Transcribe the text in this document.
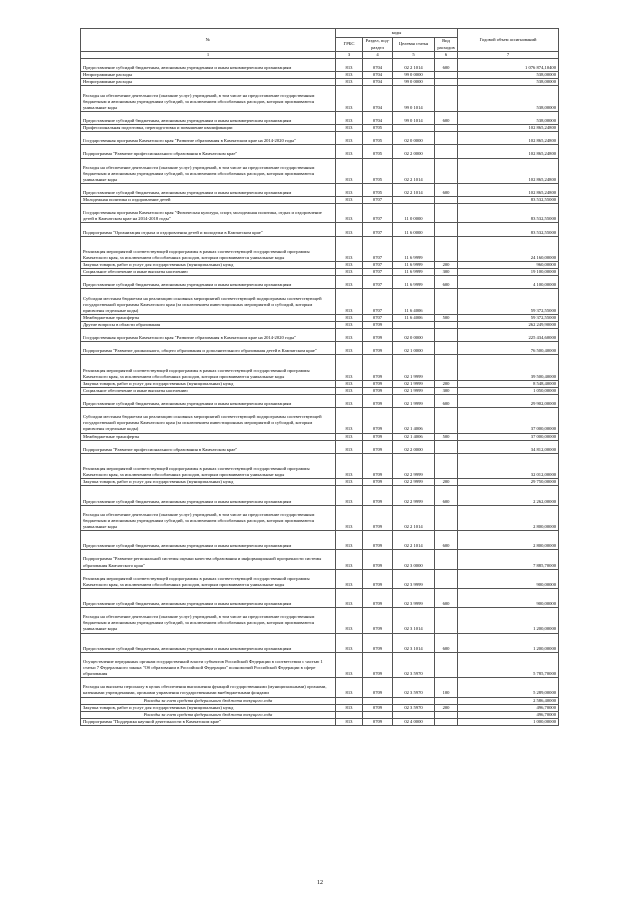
№	коды				Годовой объем ассигнований
	ГРБС	Раздел, под-раздел	Целевая статья	Вид расходов	
1	3	4	5	6	7
Предоставление субсидий бюджетным, автономным учреждениям и иным некоммерческим организациям	813	0704	02 2 1014	600	1 076 874,10400
Непрограммные расходы	813	0704	99 0 0000		538,00000
Непрограммные расходы	813	0704	99 0 0000		538,00000
Расходы на обеспечение деятельности (оказание услуг) учреждений, в том числе на предоставление государственным бюджетным и автономным учреждениям субсидий, за исключением обособленных расходов, которым присваиваются уникальные коды	813	0704	99 0 1014		538,00000
Предоставление субсидий бюджетным, автономным учреждениям и иным некоммерческим организациям	813	0704	99 0 1014	600	538,00000
Профессиональная подготовка, переподготовка и повышение квалификации	813	0705			102 865,24800
Государственная программа Камчатского края "Развитие образования в Камчатском крае на 2014-2020 годы"	813	0705	02 0 0000		102 865,24800
Подпрограмма "Развитие профессионального образования в Камчатском крае"	813	0705	02 2 0000		102 865,24800
Расходы на обеспечение деятельности (оказание услуг) учреждений, в том числе на предоставление государственным бюджетным и автономным учреждениям субсидий, за исключением обособленных расходов, которым присваиваются уникальные коды	813	0705	02 2 1014		102 865,24800
Предоставление субсидий бюджетным, автономным учреждениям и иным некоммерческим организациям	813	0705	02 2 1014	600	102 865,24800
Молодежная политика и оздоровление детей	813	0707			83 532,55000
Государственная программа Камчатского края "Физическая культура, спорт, молодежная политика, отдых и оздоровление детей в Камчатском крае на 2014-2018 годы"	813	0707	11 0 0000		83 532,55000
Подпрограмма "Организация отдыха и оздоровления детей и молодежи в Камчатском крае"	813	0707	11 6 0000		83 532,55000
Реализация мероприятий соответствующей подпрограммы в рамках соответствующей государственной программы Камчатского края, за исключением обособленных расходов, которым присваиваются уникальные коды	813	0707	11 6 9999		24 160,00000
Закупка товаров, работ и услуг для государственных (муниципальных) нужд	813	0707	11 6 9999	200	960,00000
Социальное обеспечение и иные выплаты населению	813	0707	11 6 9999	300	19 100,00000
Предоставление субсидий бюджетным, автономным учреждениям и иным некоммерческим организациям	813	0707	11 6 9999	600	4 100,00000
Субсидии местным бюджетам на реализацию основных мероприятий соответствующей подпрограммы соответствующей государственной программы Камчатского края (за исключением инвестиционных мероприятий и субсидий, которым присвоены отдельные коды)	813	0707	11 6 4006		59 372,55000
Межбюджетные трансферты	813	0707	11 6 4006	500	59 372,55000
Другие вопросы в области образования	813	0709			262 249,90000
Государственная программа Камчатского края "Развитие образования в Камчатском крае на 2014-2020 годы"	813	0709	02 0 0000		225 434,60000
Подпрограмма "Развитие дошкольного, общего образования и дополнительного образования детей в Камчатском крае"	813	0709	02 1 0000		76 500,40000
Реализация мероприятий соответствующей подпрограммы в рамках соответствующей государственной программы Камчатского края, за исключением обособленных расходов, которым присваиваются уникальные коды	813	0709	02 1 9999		39 500,40000
Закупка товаров, работ и услуг для государственных (муниципальных) нужд	813	0709	02 1 9999	200	8 548,40000
Социальное обеспечение и иные выплаты населению	813	0709	02 1 9999	300	1 050,00000
Предоставление субсидий бюджетным, автономным учреждениям и иным некоммерческим организациям	813	0709	02 1 9999	600	29 902,00000
Субсидии местным бюджетам на реализацию основных мероприятий соответствующей подпрограммы соответствующей государственной программы Камчатского края (за исключением инвестиционных мероприятий и субсидий, которым присвоены отдельные коды)	813	0709	02 1 4006		37 000,00000
Межбюджетные трансферты	813	0709	02 1 4006	500	37 000,00000
Подпрограмма "Развитие профессионального образования в Камчатском крае"	813	0709	02 2 0000		34 812,00000
Реализация мероприятий соответствующей подпрограммы в рамках соответствующей государственной программы Камчатского края, за исключением обособленных расходов, которым присваиваются уникальные коды	813	0709	02 2 9999		32 012,00000
Закупка товаров, работ и услуг для государственных (муниципальных) нужд	813	0709	02 2 9999	200	29 750,00000
Предоставление субсидий бюджетным, автономным учреждениям и иным некоммерческим организациям	813	0709	02 2 9999	600	2 262,00000
Расходы на обеспечение деятельности (оказание услуг) учреждений, в том числе на предоставление государственным бюджетным и автономным учреждениям субсидий, за исключением обособленных расходов, которым присваиваются уникальные коды	813	0709	02 2 1014		2 800,00000
Предоставление субсидий бюджетным, автономным учреждениям и иным некоммерческим организациям	813	0709	02 2 1014	600	2 800,00000
Подпрограмма "Развитие региональной системы оценки качества образования и информационной прозрачности системы образования Камчатского края"	813	0709	02 3 0000		7 885,70000
Реализация мероприятий соответствующей подпрограммы в рамках соответствующей государственной программы Камчатского края, за исключением обособленных расходов, которым присваиваются уникальные коды	813	0709	02 3 9999		900,00000
Предоставление субсидий бюджетным, автономным учреждениям и иным некоммерческим организациям	813	0709	02 3 9999	600	900,00000
Расходы на обеспечение деятельности (оказание услуг) учреждений, в том числе на предоставление государственным бюджетным и автономным учреждениям субсидий, за исключением обособленных расходов, которым присваиваются уникальные коды	813	0709	02 3 1014		1 200,00000
Предоставление субсидий бюджетным, автономным учреждениям и иным некоммерческим организациям	813	0709	02 3 1014	600	1 200,00000
Осуществление переданных органам государственной власти субъектов Российской Федерации в соответствии с частью 1 статьи 7 Федерального закона "Об образовании в Российской Федерации" полномочий Российской Федерации в сфере образования	813	0709	02 3 5970		5 785,70000
Расходы на выплаты персоналу в целях обеспечения выполнения функций государственными (муниципальными) органами, казенными учреждениями, органами управления государственными внебюджетными фондами	813	0709	02 3 5970	100	5 289,00000
Расходы за счет средств федерального бюджета текущего года					2 586,40000
Закупка товаров, работ и услуг для государственных (муниципальных) нужд	813	0709	02 3 5970	200	496,70000
Расходы за счет средств федерального бюджета текущего года					496,70000
Подпрограмма "Поддержка научной деятельности в Камчатском крае"	813	0709	02 4 0000		1 000,00000
12
